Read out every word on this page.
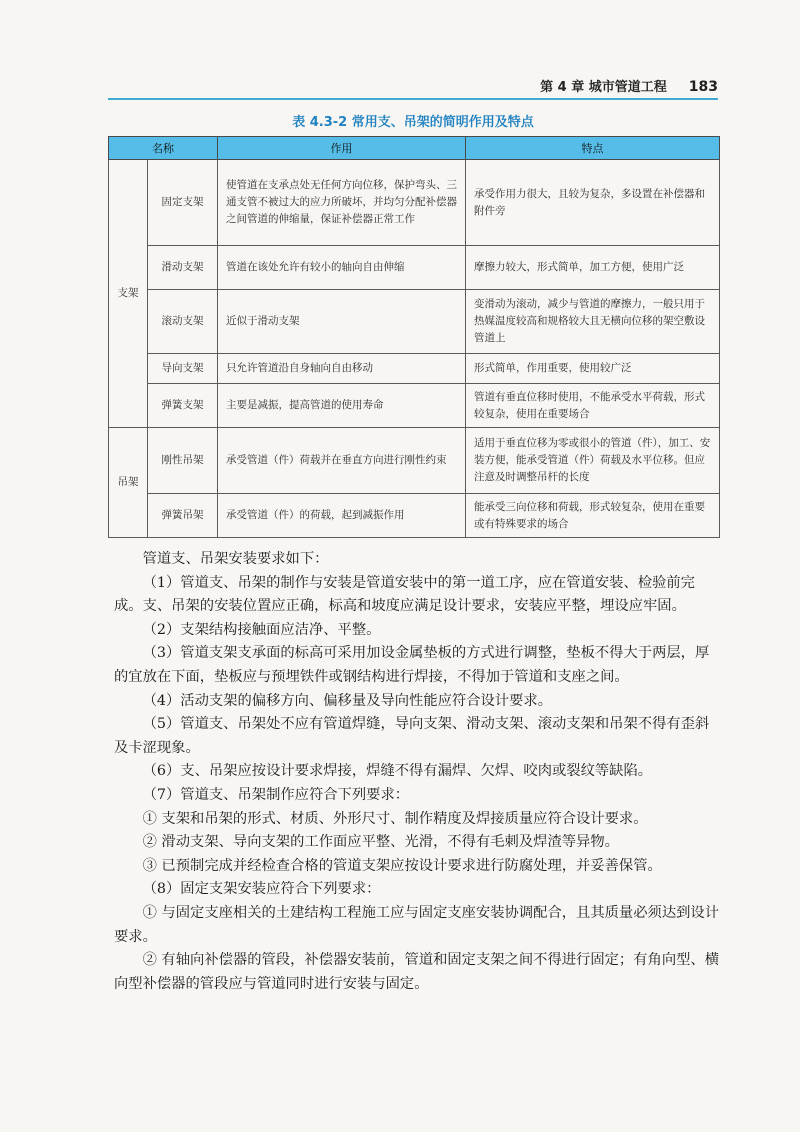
第 4 章 城市管道工程 183
表 4.3-2 常用支、吊架的简明作用及特点
名称		作用	特点
支架	固定支架	使管道在支承点处无任何方向位移，保护弯头、三通支管不被过大的应力所破坏，并均匀分配补偿器之间管道的伸缩量，保证补偿器正常工作	承受作用力很大，且较为复杂，多设置在补偿器和附件旁
	滑动支架	管道在该处允许有较小的轴向自由伸缩	摩擦力较大，形式简单，加工方便，使用广泛
	滚动支架	近似于滑动支架	变滑动为滚动，减少与管道的摩擦力，一般只用于热媒温度较高和规格较大且无横向位移的架空敷设管道上
	导向支架	只允许管道沿自身轴向自由移动	形式简单，作用重要，使用较广泛
	弹簧支架	主要是减振，提高管道的使用寿命	管道有垂直位移时使用，不能承受水平荷载，形式较复杂，使用在重要场合
吊架	刚性吊架	承受管道（件）荷载并在垂直方向进行刚性约束	适用于垂直位移为零或很小的管道（件），加工、安装方便，能承受管道（件）荷载及水平位移。但应注意及时调整吊杆的长度
	弹簧吊架	承受管道（件）的荷载，起到减振作用	能承受三向位移和荷载，形式较复杂，使用在重要或有特殊要求的场合

管道支、吊架安装要求如下：

（1）管道支、吊架的制作与安装是管道安装中的第一道工序，应在管道安装、检验前完成。支、吊架的安装位置应正确，标高和坡度应满足设计要求，安装应平整，埋设应牢固。

（2）支架结构接触面应洁净、平整。

（3）管道支架支承面的标高可采用加设金属垫板的方式进行调整，垫板不得大于两层，厚的宜放在下面，垫板应与预埋铁件或钢结构进行焊接，不得加于管道和支座之间。

（4）活动支架的偏移方向、偏移量及导向性能应符合设计要求。

（5）管道支、吊架处不应有管道焊缝，导向支架、滑动支架、滚动支架和吊架不得有歪斜及卡涩现象。

（6）支、吊架应按设计要求焊接，焊缝不得有漏焊、欠焊、咬肉或裂纹等缺陷。

（7）管道支、吊架制作应符合下列要求：

① 支架和吊架的形式、材质、外形尺寸、制作精度及焊接质量应符合设计要求。

② 滑动支架、导向支架的工作面应平整、光滑，不得有毛刺及焊渣等异物。

③ 已预制完成并经检查合格的管道支架应按设计要求进行防腐处理，并妥善保管。

（8）固定支架安装应符合下列要求：

① 与固定支座相关的土建结构工程施工应与固定支座安装协调配合，且其质量必须达到设计要求。

② 有轴向补偿器的管段，补偿器安装前，管道和固定支架之间不得进行固定；有角向型、横向型补偿器的管段应与管道同时进行安装与固定。
